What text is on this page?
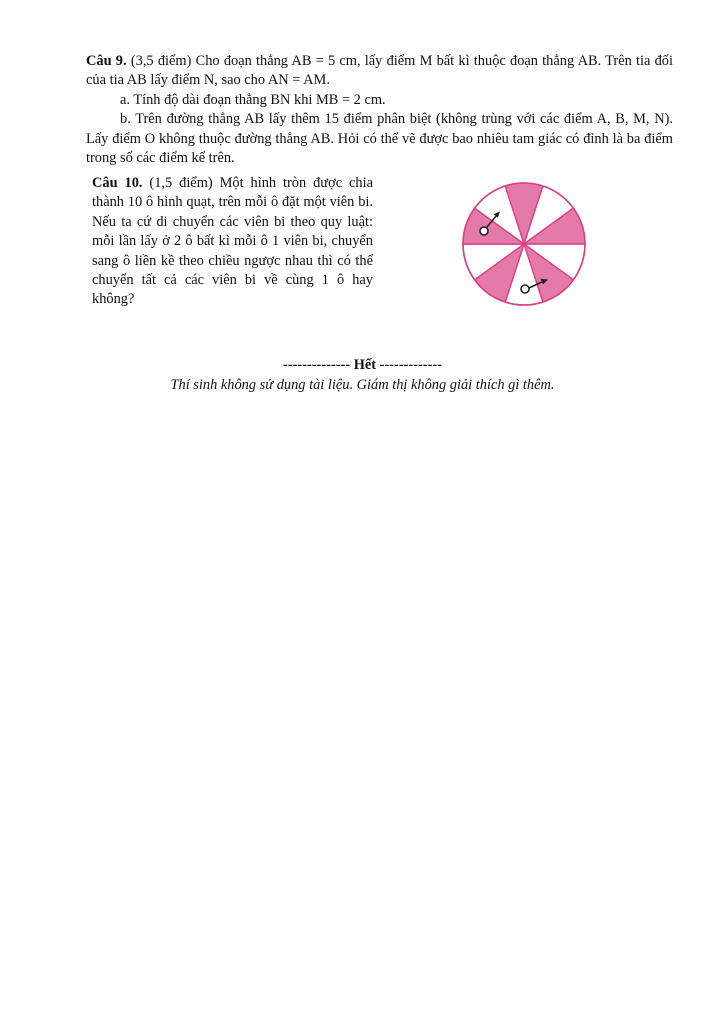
Câu 9. (3,5 điểm) Cho đoạn thẳng AB = 5 cm, lấy điểm M bất kì thuộc đoạn thẳng AB. Trên tia đối của tia AB lấy điểm N, sao cho AN = AM.

a. Tính độ dài đoạn thẳng BN khi MB = 2 cm.

b. Trên đường thẳng AB lấy thêm 15 điểm phân biệt (không trùng với các điểm A, B, M, N). Lấy điểm O không thuộc đường thẳng AB. Hỏi có thể vẽ được bao nhiêu tam giác có đỉnh là ba điểm trong số các điểm kể trên.

Câu 10. (1,5 điểm) Một hình tròn được chia thành 10 ô hình quạt, trên mỗi ô đặt một viên bi. Nếu ta cứ di chuyển các viên bi theo quy luật: mỗi lần lấy ở 2 ô bất kì mỗi ô 1 viên bi, chuyển sang ô liền kề theo chiều ngược nhau thì có thể chuyển tất cả các viên bi về cùng 1 ô hay không?

-------------- Hết -------------
Thí sinh không sử dụng tài liệu. Giám thị không giải thích gì thêm.
